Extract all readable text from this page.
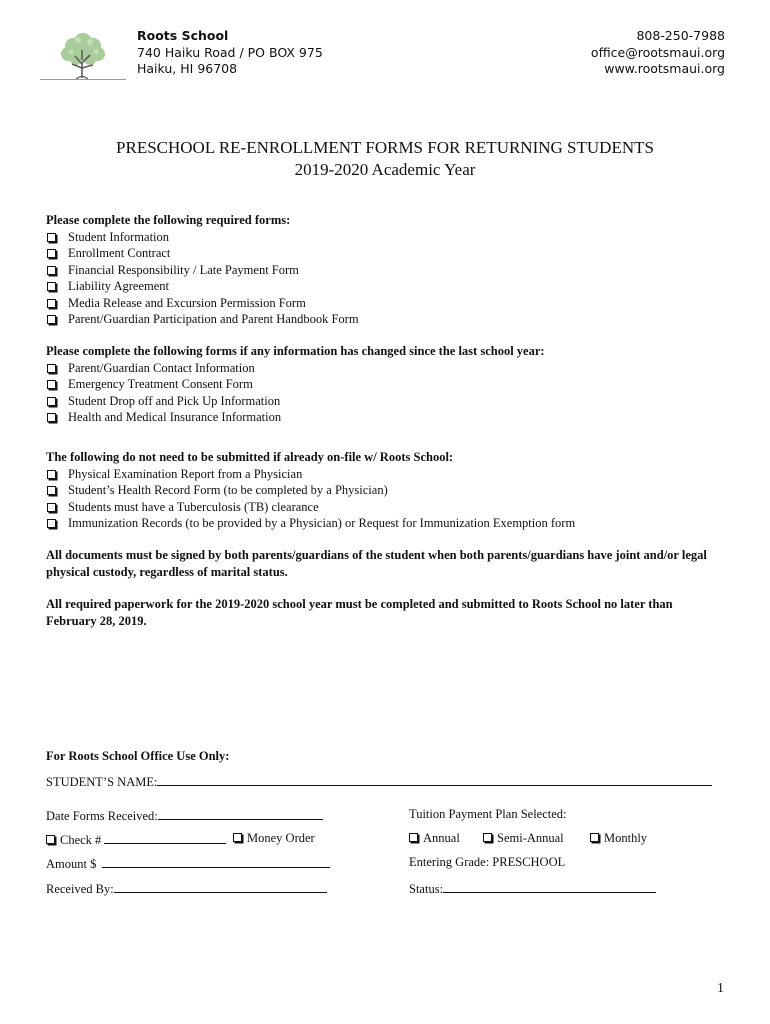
Roots School
740 Haiku Road / PO BOX 975
Haiku, HI 96708
808-250-7988
office@rootsmaui.org
www.rootsmaui.org
PRESCHOOL RE-ENROLLMENT FORMS FOR RETURNING STUDENTS
2019-2020 Academic Year
Please complete the following required forms:
Student Information
Enrollment Contract
Financial Responsibility / Late Payment Form
Liability Agreement
Media Release and Excursion Permission Form
Parent/Guardian Participation and Parent Handbook Form
Please complete the following forms if any information has changed since the last school year:
Parent/Guardian Contact Information
Emergency Treatment Consent Form
Student Drop off and Pick Up Information
Health and Medical Insurance Information
The following do not need to be submitted if already on-file w/ Roots School:
Physical Examination Report from a Physician
Student’s Health Record Form (to be completed by a Physician)
Students must have a Tuberculosis (TB) clearance
Immunization Records (to be provided by a Physician) or Request for Immunization Exemption form
All documents must be signed by both parents/guardians of the student when both parents/guardians have joint and/or legal physical custody, regardless of marital status.
All required paperwork for the 2019-2020 school year must be completed and submitted to Roots School no later than February 28, 2019.
For Roots School Office Use Only:
STUDENT’S NAME:
Date Forms Received:	Tuition Payment Plan Selected:
Check #	Money Order	Annual	Semi-Annual	Monthly
Amount $	Entering Grade: PRESCHOOL
Received By:	Status:
1
